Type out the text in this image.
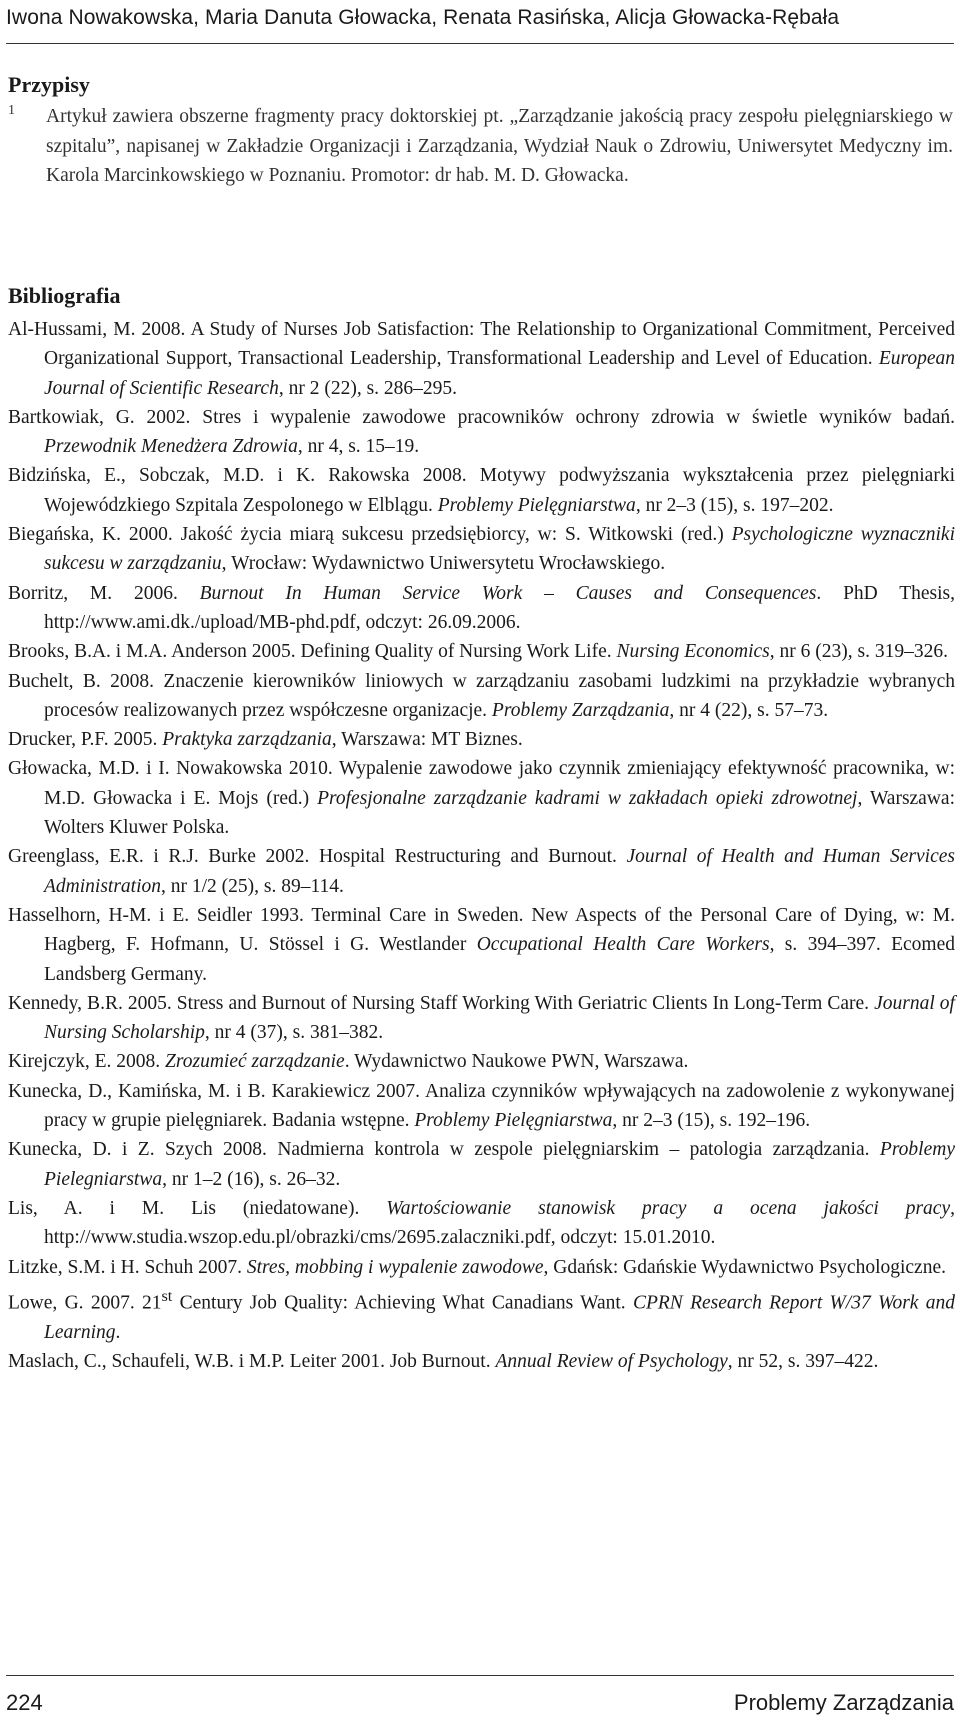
Iwona Nowakowska, Maria Danuta Głowacka, Renata Rasińska, Alicja Głowacka-Rębała
Przypisy
1 Artykuł zawiera obszerne fragmenty pracy doktorskiej pt. „Zarządzanie jakością pracy zespołu pielęgniarskiego w szpitalu”, napisanej w Zakładzie Organizacji i Zarządzania, Wydział Nauk o Zdrowiu, Uniwersytet Medyczny im. Karola Marcinkowskiego w Poznaniu. Promotor: dr hab. M. D. Głowacka.
Bibliografia
Al-Hussami, M. 2008. A Study of Nurses Job Satisfaction: The Relationship to Organizational Commitment, Perceived Organizational Support, Transactional Leadership, Transformational Leadership and Level of Education. European Journal of Scientific Research, nr 2 (22), s. 286–295.
Bartkowiak, G. 2002. Stres i wypalenie zawodowe pracowników ochrony zdrowia w świetle wyników badań. Przewodnik Menedżera Zdrowia, nr 4, s. 15–19.
Bidzińska, E., Sobczak, M.D. i K. Rakowska 2008. Motywy podwyższania wykształcenia przez pielęgniarki Wojewódzkiego Szpitala Zespolonego w Elblągu. Problemy Pielęgniarstwa, nr 2–3 (15), s. 197–202.
Biegańska, K. 2000. Jakość życia miarą sukcesu przedsiębiorcy, w: S. Witkowski (red.) Psychologiczne wyznaczniki sukcesu w zarządzaniu, Wrocław: Wydawnictwo Uniwersytetu Wrocławskiego.
Borritz, M. 2006. Burnout In Human Service Work – Causes and Consequences. PhD Thesis, http://www.ami.dk./upload/MB-phd.pdf, odczyt: 26.09.2006.
Brooks, B.A. i M.A. Anderson 2005. Defining Quality of Nursing Work Life. Nursing Economics, nr 6 (23), s. 319–326.
Buchelt, B. 2008. Znaczenie kierowników liniowych w zarządzaniu zasobami ludzkimi na przykładzie wybranych procesów realizowanych przez współczesne organizacje. Problemy Zarządzania, nr 4 (22), s. 57–73.
Drucker, P.F. 2005. Praktyka zarządzania, Warszawa: MT Biznes.
Głowacka, M.D. i I. Nowakowska 2010. Wypalenie zawodowe jako czynnik zmieniający efektywność pracownika, w: M.D. Głowacka i E. Mojs (red.) Profesjonalne zarządzanie kadrami w zakładach opieki zdrowotnej, Warszawa: Wolters Kluwer Polska.
Greenglass, E.R. i R.J. Burke 2002. Hospital Restructuring and Burnout. Journal of Health and Human Services Administration, nr 1/2 (25), s. 89–114.
Hasselhorn, H-M. i E. Seidler 1993. Terminal Care in Sweden. New Aspects of the Personal Care of Dying, w: M. Hagberg, F. Hofmann, U. Stössel i G. Westlander Occupational Health Care Workers, s. 394–397. Ecomed Landsberg Germany.
Kennedy, B.R. 2005. Stress and Burnout of Nursing Staff Working With Geriatric Clients In Long-Term Care. Journal of Nursing Scholarship, nr 4 (37), s. 381–382.
Kirejczyk, E. 2008. Zrozumieć zarządzanie. Wydawnictwo Naukowe PWN, Warszawa.
Kunecka, D., Kamińska, M. i B. Karakiewicz 2007. Analiza czynników wpływających na zadowolenie z wykonywanej pracy w grupie pielęgniarek. Badania wstępne. Problemy Pielęgniarstwa, nr 2–3 (15), s. 192–196.
Kunecka, D. i Z. Szych 2008. Nadmierna kontrola w zespole pielęgniarskim – patologia zarządzania. Problemy Pielegniarstwa, nr 1–2 (16), s. 26–32.
Lis, A. i M. Lis (niedatowane). Wartościowanie stanowisk pracy a ocena jakości pracy, http://www.studia.wszop.edu.pl/obrazki/cms/2695.zalaczniki.pdf, odczyt: 15.01.2010.
Litzke, S.M. i H. Schuh 2007. Stres, mobbing i wypalenie zawodowe, Gdańsk: Gdańskie Wydawnictwo Psychologiczne.
Lowe, G. 2007. 21st Century Job Quality: Achieving What Canadians Want. CPRN Research Report W/37 Work and Learning.
Maslach, C., Schaufeli, W.B. i M.P. Leiter 2001. Job Burnout. Annual Review of Psychology, nr 52, s. 397–422.
224	Problemy Zarządzania
